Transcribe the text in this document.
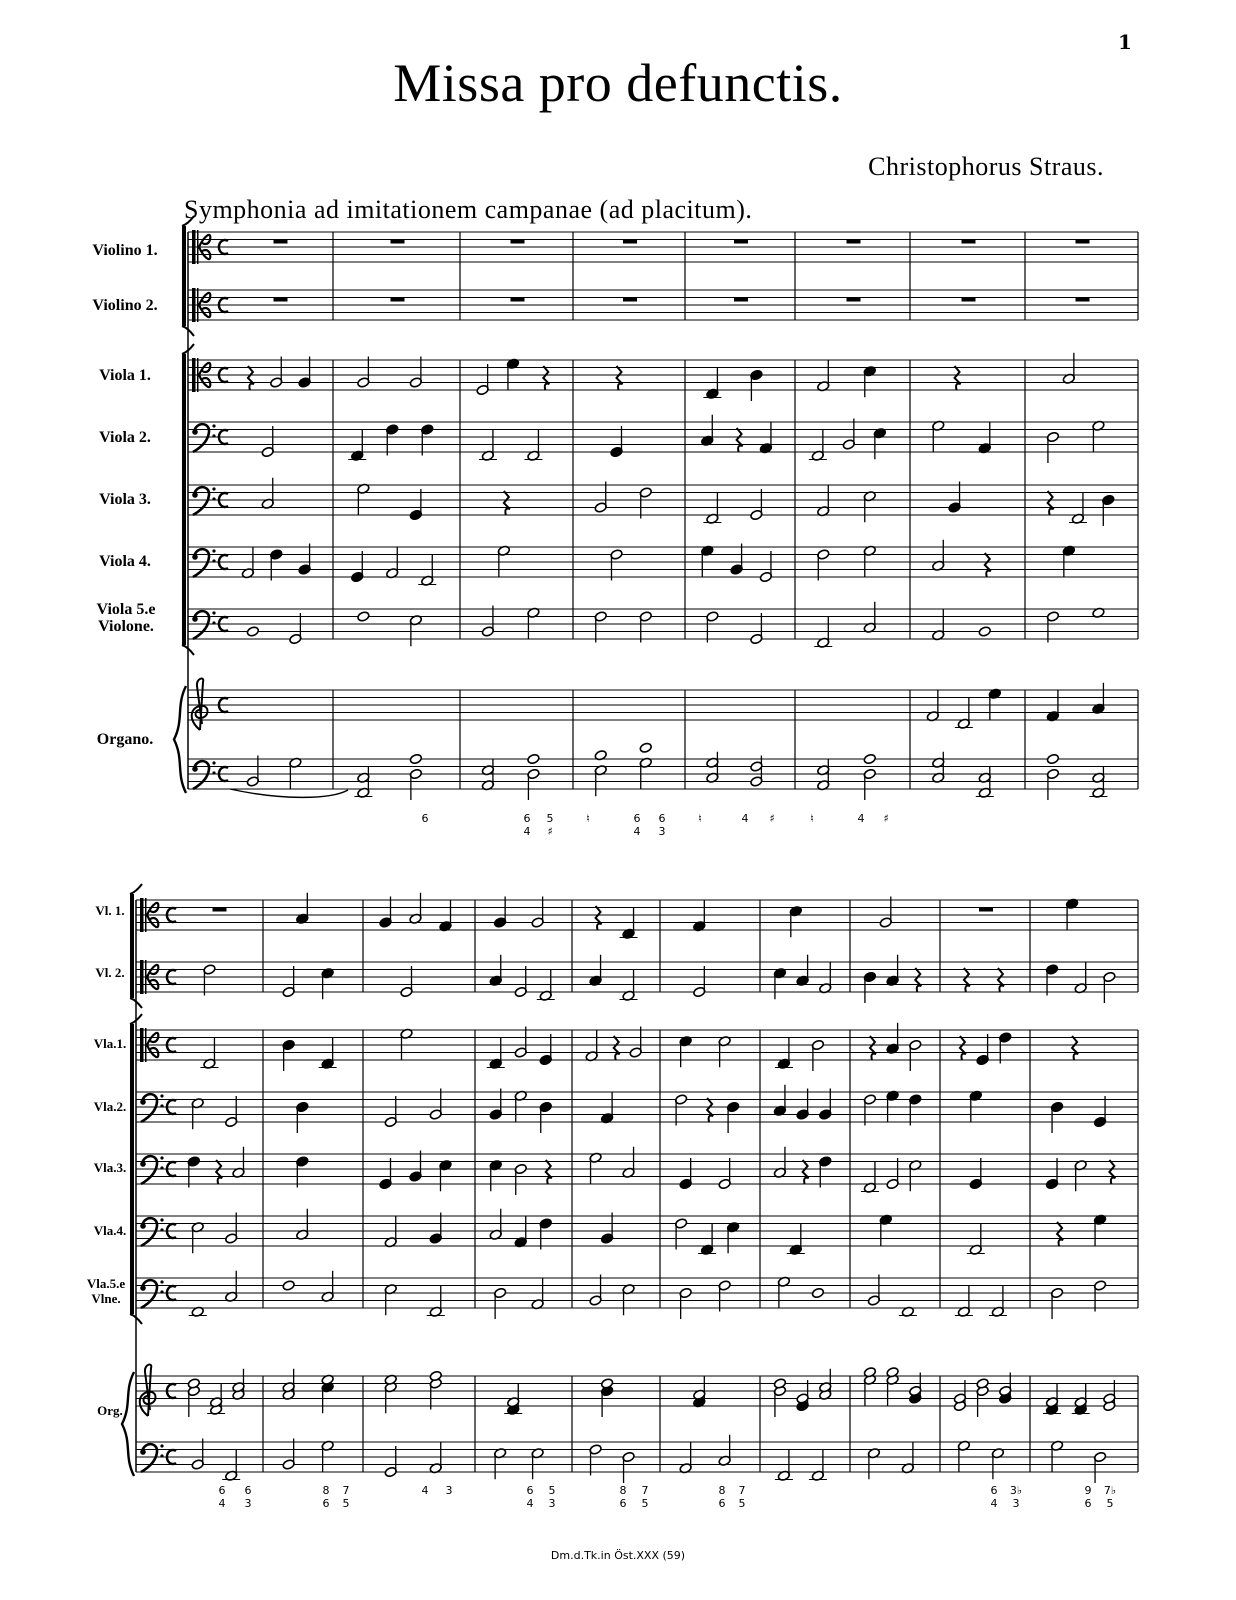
1
Missa pro defunctis.
Christophorus Straus.
Symphonia ad imitationem campanae (ad placitum).
Violino 1.
Violino 2.
Viola 1.
Viola 2.
Viola 3.
Viola 4.
Viola 5.e Violone.
Organo.
Vl. 1.
Vl. 2.
Vla.1.
Vla.2.
Vla.3.
Vla.4.
Vla.5.e Vlne.
Org.
Dm.d.Tk.in Öst.XXX (59)
6	6
4
5
♯
♮	6
4
6
3
♮	4 ♯	♮	4 ♯
6
4
6
3
8
6
7
5
4 3	6
4
5
3
8
6
7
5
8
6
7
5
6
4
3♭
3
9
6
7♭
5
